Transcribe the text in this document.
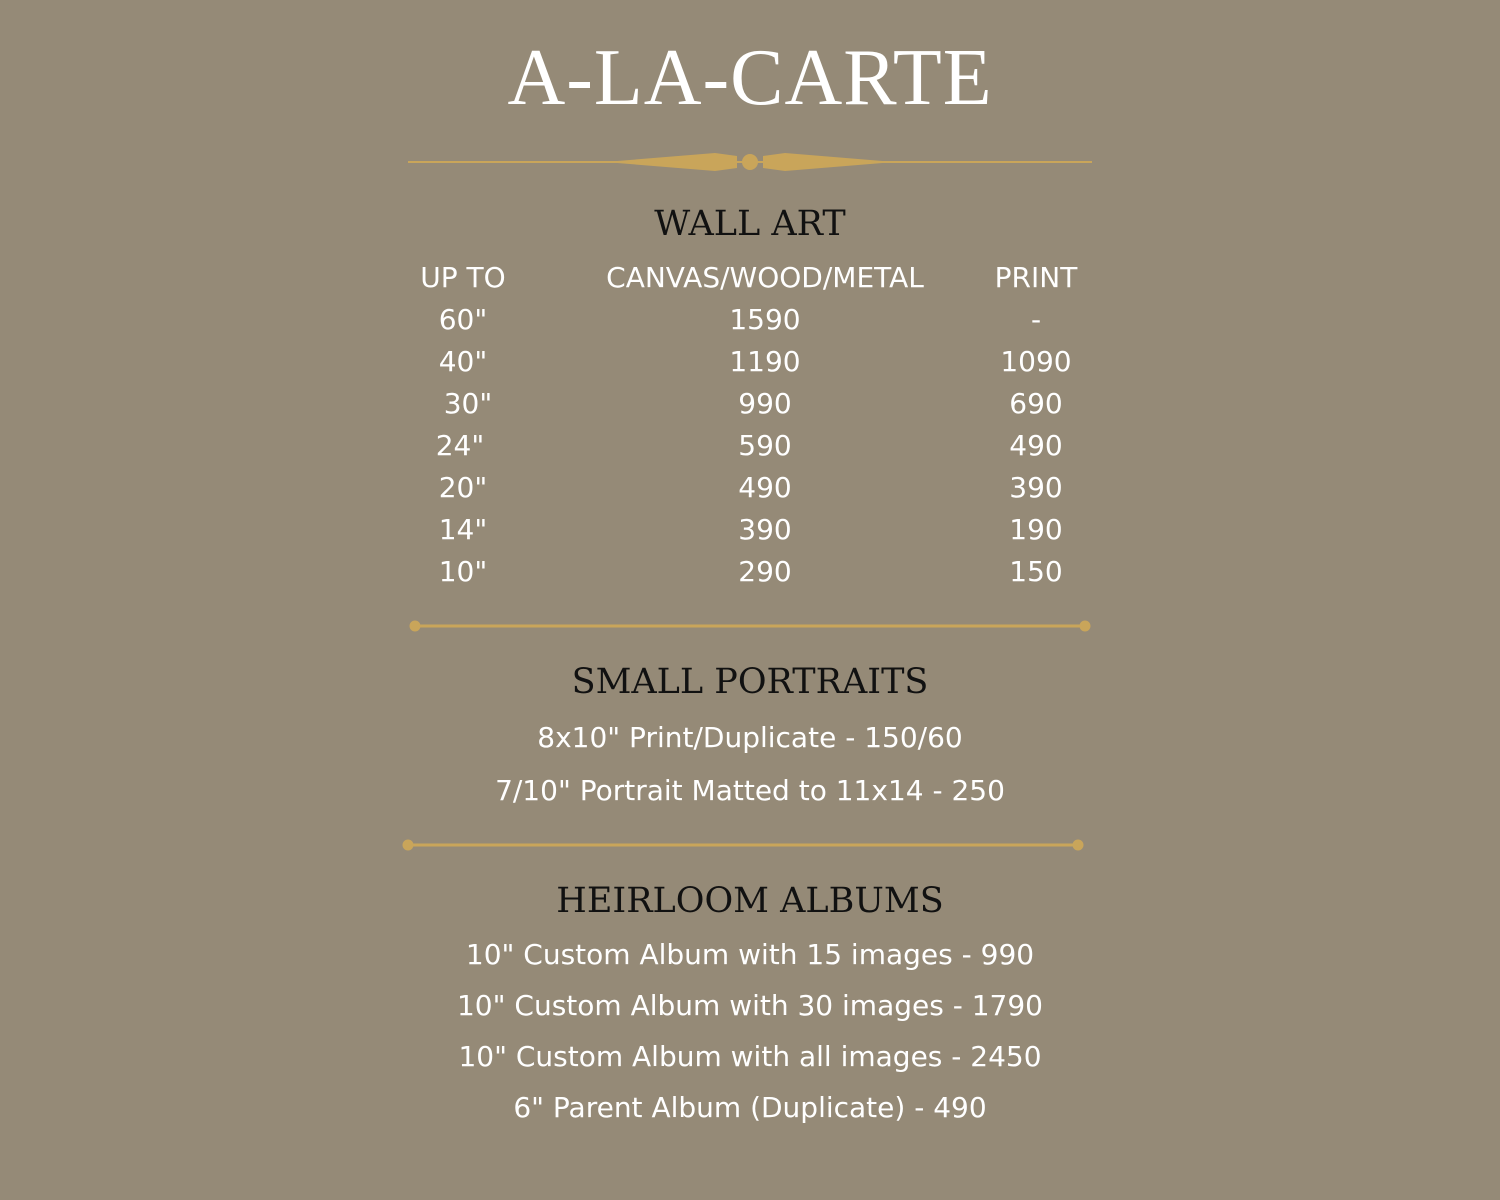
A-LA-CARTE
WALL ART
UP TO	CANVAS/WOOD/METAL	PRINT
60"	1590	-
40"	1190	1090
30"	990	690
24"	590	490
20"	490	390
14"	390	190
10"	290	150
SMALL PORTRAITS
8x10" Print/Duplicate - 150/60
7/10" Portrait Matted to 11x14 - 250
HEIRLOOM ALBUMS
10" Custom Album with 15 images - 990
10" Custom Album with 30 images - 1790
10" Custom Album with all images - 2450
6" Parent Album (Duplicate) - 490
